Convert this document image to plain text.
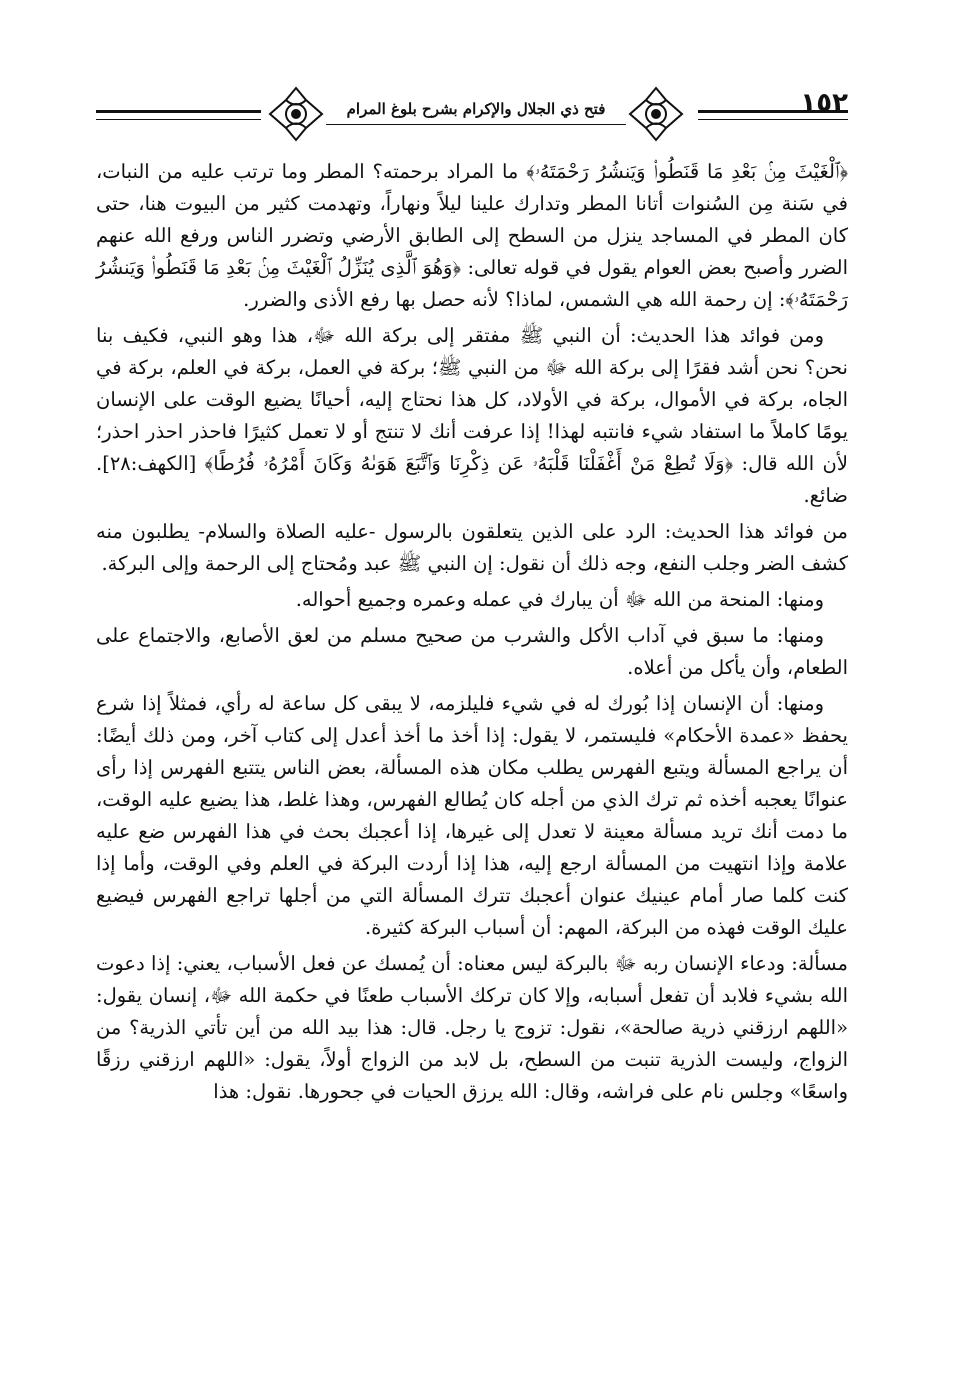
١٥٢
فتح ذي الجلال والإكرام بشرح بلوغ المرام

﴿ٱلْغَيْثَ مِنۢ بَعْدِ مَا قَنَطُوا۟ وَيَنشُرُ رَحْمَتَهُۥ﴾ ما المراد برحمته؟ المطر وما ترتب عليه من النبات، في سَنة مِن السُنوات أتانا المطر وتدارك علينا ليلاً ونهاراً، وتهدمت كثير من البيوت هنا، حتى كان المطر في المساجد ينزل من السطح إلى الطابق الأرضي وتضرر الناس ورفع الله عنهم الضرر وأصبح بعض العوام يقول في قوله تعالى: ﴿وَهُوَ ٱلَّذِى يُنَزِّلُ ٱلْغَيْثَ مِنۢ بَعْدِ مَا قَنَطُوا۟ وَيَنشُرُ رَحْمَتَهُۥ﴾: إن رحمة الله هي الشمس، لماذا؟ لأنه حصل بها رفع الأذى والضرر.

ومن فوائد هذا الحديث: أن النبي ﷺ مفتقر إلى بركة الله ﷻ، هذا وهو النبي، فكيف بنا نحن؟ نحن أشد فقرًا إلى بركة الله ﷻ من النبي ﷺ؛ بركة في العمل، بركة في العلم، بركة في الجاه، بركة في الأموال، بركة في الأولاد، كل هذا نحتاج إليه، أحيانًا يضيع الوقت على الإنسان يومًا كاملاً ما استفاد شيء فانتبه لهذا! إذا عرفت أنك لا تنتج أو لا تعمل كثيرًا فاحذر احذر احذر؛ لأن الله قال: ﴿وَلَا تُطِعْ مَنْ أَغْفَلْنَا قَلْبَهُۥ عَن ذِكْرِنَا وَٱتَّبَعَ هَوَىٰهُ وَكَانَ أَمْرُهُۥ فُرُطًا﴾ [الكهف:٢٨]. ضائع.

من فوائد هذا الحديث: الرد على الذين يتعلقون بالرسول -عليه الصلاة والسلام- يطلبون منه كشف الضر وجلب النفع، وجه ذلك أن نقول: إن النبي ﷺ عبد ومُحتاج إلى الرحمة وإلى البركة.

ومنها: المنحة من الله ﷻ أن يبارك في عمله وعمره وجميع أحواله.

ومنها: ما سبق في آداب الأكل والشرب من صحيح مسلم من لعق الأصابع، والاجتماع على الطعام، وأن يأكل من أعلاه.

ومنها: أن الإنسان إذا بُورك له في شيء فليلزمه، لا يبقى كل ساعة له رأي، فمثلاً إذا شرع يحفظ «عمدة الأحكام» فليستمر، لا يقول: إذا أخذ ما أخذ أعدل إلى كتاب آخر، ومن ذلك أيضًا: أن يراجع المسألة ويتبع الفهرس يطلب مكان هذه المسألة، بعض الناس يتتبع الفهرس إذا رأى عنوانًا يعجبه أخذه ثم ترك الذي من أجله كان يُطالع الفهرس، وهذا غلط، هذا يضيع عليه الوقت، ما دمت أنك تريد مسألة معينة لا تعدل إلى غيرها، إذا أعجبك بحث في هذا الفهرس ضع عليه علامة وإذا انتهيت من المسألة ارجع إليه، هذا إذا أردت البركة في العلم وفي الوقت، وأما إذا كنت كلما صار أمام عينيك عنوان أعجبك تترك المسألة التي من أجلها تراجع الفهرس فيضيع عليك الوقت فهذه من البركة، المهم: أن أسباب البركة كثيرة.

مسألة: ودعاء الإنسان ربه ﷻ بالبركة ليس معناه: أن يُمسك عن فعل الأسباب، يعني: إذا دعوت الله بشيء فلابد أن تفعل أسبابه، وإلا كان تركك الأسباب طعنًا في حكمة الله ﷻ، إنسان يقول: «اللهم ارزقني ذرية صالحة»، نقول: تزوج يا رجل. قال: هذا بيد الله من أين تأتي الذرية؟ من الزواج، وليست الذرية تنبت من السطح، بل لابد من الزواج أولاً، يقول: «اللهم ارزقني رزقًا واسعًا» وجلس نام على فراشه، وقال: الله يرزق الحيات في جحورها. نقول: هذا
